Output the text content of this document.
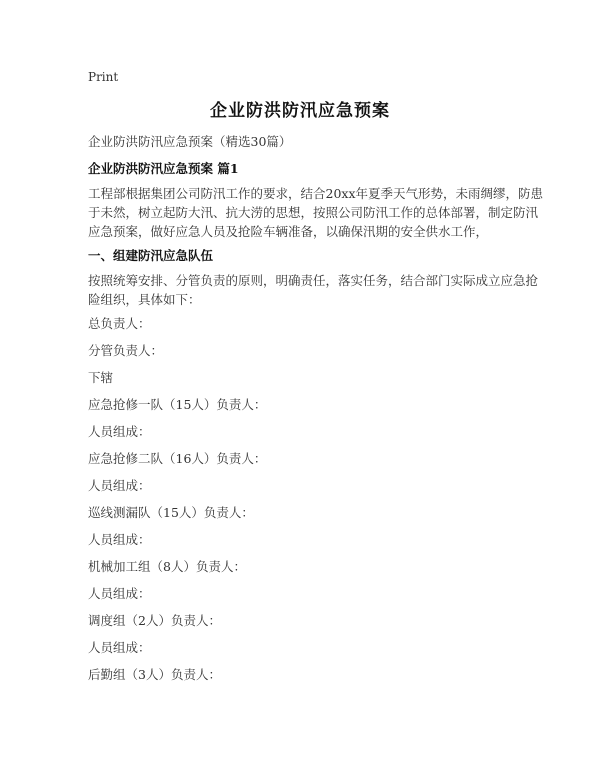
Print
企业防洪防汛应急预案
企业防洪防汛应急预案（精选30篇）
企业防洪防汛应急预案 篇1
工程部根据集团公司防汛工作的要求，结合20xx年夏季天气形势，未雨绸缪，防患
于未然，树立起防大汛、抗大涝的思想，按照公司防汛工作的总体部署，制定防汛
应急预案，做好应急人员及抢险车辆准备，以确保汛期的安全供水工作，
一、组建防汛应急队伍
按照统筹安排、分管负责的原则，明确责任，落实任务，结合部门实际成立应急抢
险组织，具体如下：
总负责人：
分管负责人：
下辖
应急抢修一队（15人）负责人：
人员组成：
应急抢修二队（16人）负责人：
人员组成：
巡线测漏队（15人）负责人：
人员组成：
机械加工组（8人）负责人：
人员组成：
调度组（2人）负责人：
人员组成：
后勤组（3人）负责人：
